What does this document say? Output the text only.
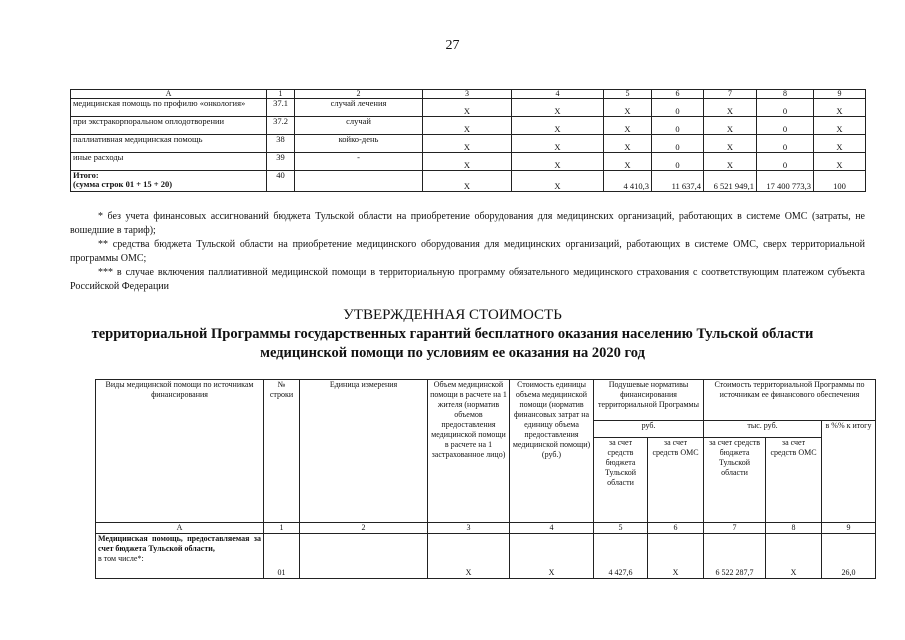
27
A	1	2	3	4	5	6	7	8	9
медицинская помощь по профилю «онкология»	37.1	случай лечения	Х	Х	Х	0	Х	0	Х
при экстракорпоральном оплодотворении	37.2	случай	Х	Х	Х	0	Х	0	Х
паллиативная медицинская помощь	38	койко-день	Х	Х	Х	0	Х	0	Х
иные расходы	39	-	Х	Х	Х	0	Х	0	Х

Итого:
(сумма строк 01 + 15 + 20)	40		Х	Х	4 410,3	11 637,4	6 521 949,1	17 400 773,3	100
* без учета финансовых ассигнований бюджета Тульской области на приобретение оборудования для медицинских организаций, работающих в системе ОМС (затраты, не вошедшие в тариф);
** средства бюджета Тульской области на приобретение медицинского оборудования для медицинских организаций, работающих в системе ОМС, сверх территориальной программы ОМС;
*** в случае включения паллиативной медицинской помощи в территориальную программу обязательного медицинского страхования с соответствующим платежом субъекта Российской Федерации
УТВЕРЖДЕННАЯ СТОИМОСТЬ
территориальной Программы государственных гарантий бесплатного оказания населению Тульской области
медицинской помощи по условиям ее оказания на 2020 год
Виды медицинской помощи по источникам финансирования	№ строки	Единица измерения	Объем медицинской помощи в расчете на 1 жителя (норматив объемов предоставления медицинской помощи в расчете на 1 застрахованное лицо)	Стоимость единицы объема медицинской помощи (норматив финансовых затрат на единицу объема предоставления медицинской помощи) (руб.)	Подушевые нормативы финансирования территориальной Программы		Стоимость территориальной Программы по источникам ее финансового обеспечения		
					руб.		тыс. руб.		в %% к итогу
					за счет средств бюджета Тульской области	за счет средств ОМС	за счет средств бюджета Тульской области	за счет средств ОМС	
А	1	2	3	4	5	6	7	8	9

Медицинская помощь, предоставляемая за счет бюджета Тульской области,
в том числе*:	01		Х	Х	4 427,6	Х	6 522 287,7	Х	26,0
